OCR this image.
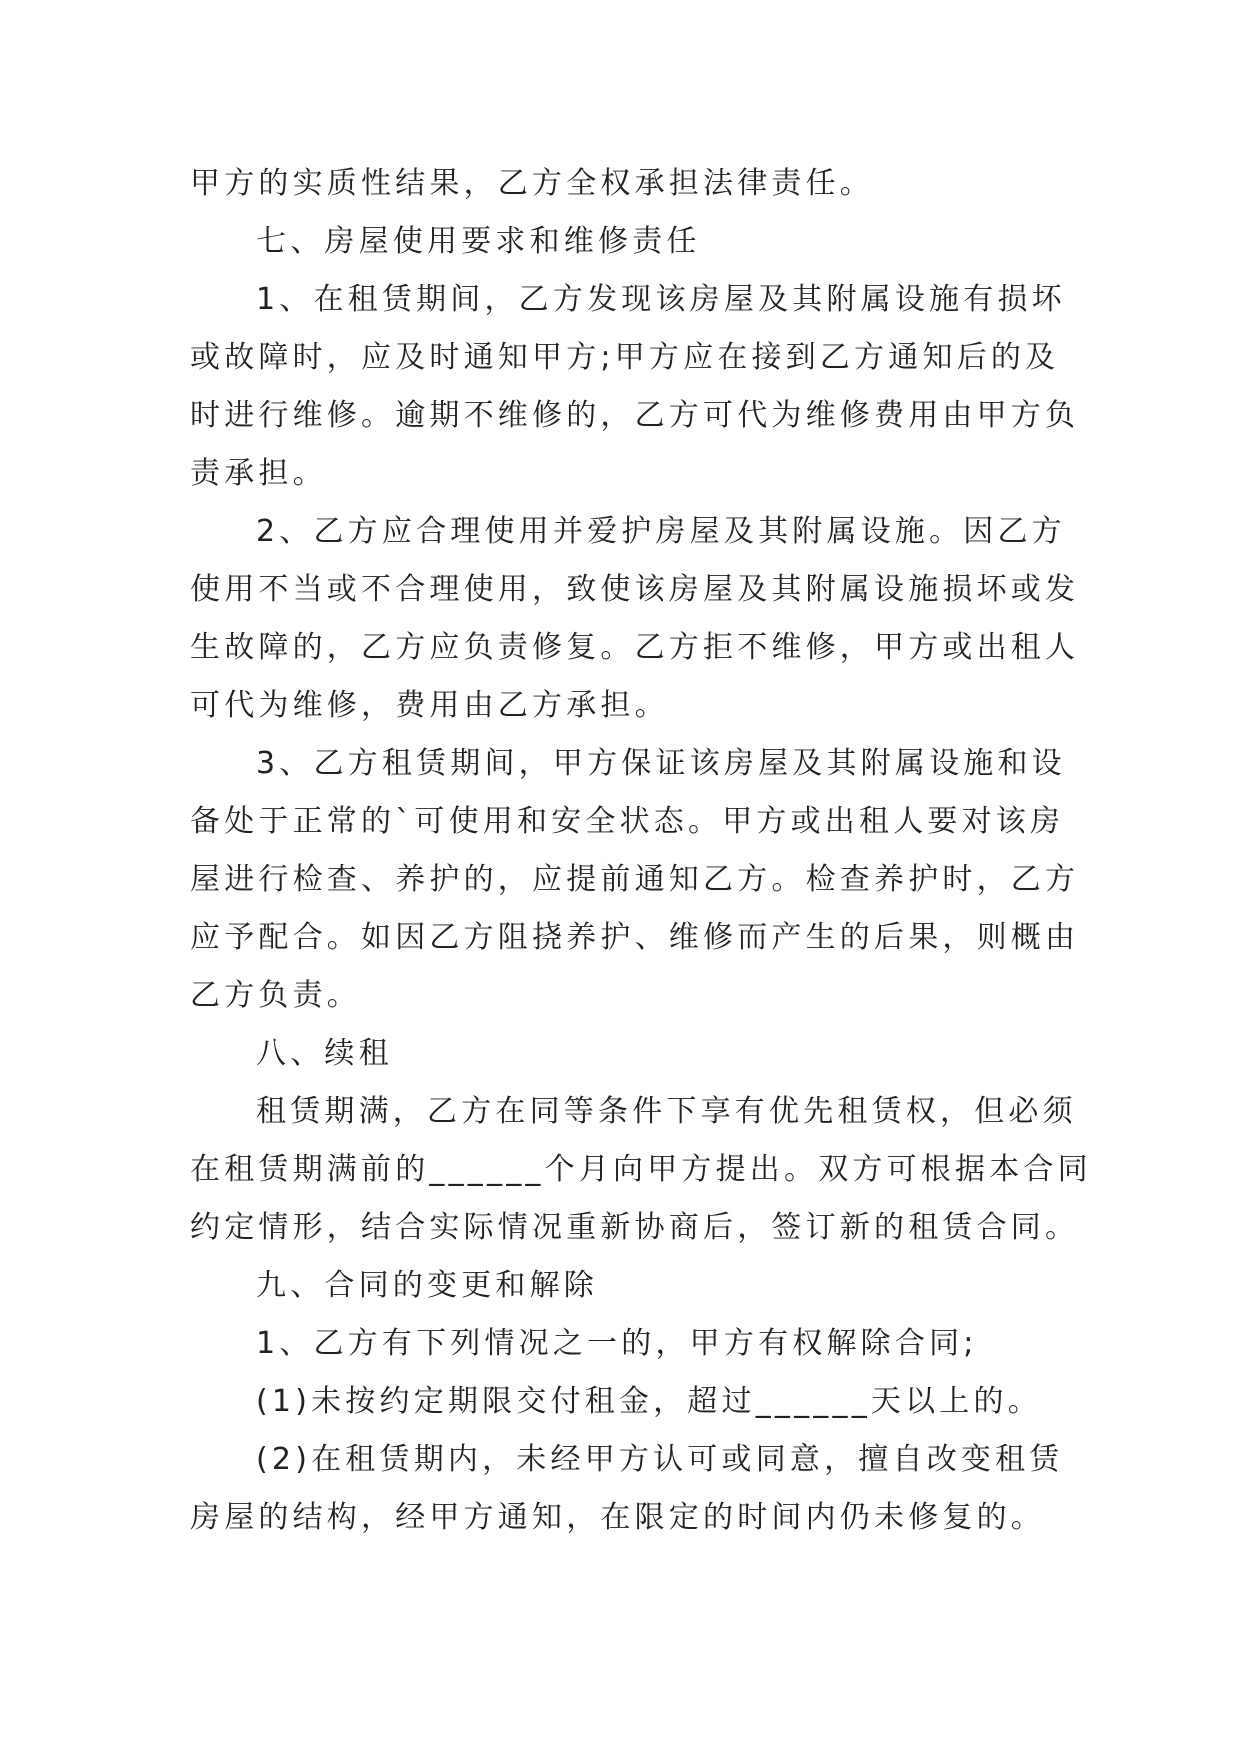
甲方的实质性结果，乙方全权承担法律责任。
七、房屋使用要求和维修责任
1、在租赁期间，乙方发现该房屋及其附属设施有损坏
或故障时，应及时通知甲方;甲方应在接到乙方通知后的及
时进行维修。逾期不维修的，乙方可代为维修费用由甲方负
责承担。
2、乙方应合理使用并爱护房屋及其附属设施。因乙方
使用不当或不合理使用，致使该房屋及其附属设施损坏或发
生故障的，乙方应负责修复。乙方拒不维修，甲方或出租人
可代为维修，费用由乙方承担。
3、乙方租赁期间，甲方保证该房屋及其附属设施和设
备处于正常的`可使用和安全状态。甲方或出租人要对该房
屋进行检查、养护的，应提前通知乙方。检查养护时，乙方
应予配合。如因乙方阻挠养护、维修而产生的后果，则概由
乙方负责。
八、续租
租赁期满，乙方在同等条件下享有优先租赁权，但必须
在租赁期满前的______个月向甲方提出。双方可根据本合同
约定情形，结合实际情况重新协商后，签订新的租赁合同。
九、合同的变更和解除
1、乙方有下列情况之一的，甲方有权解除合同;
(1)未按约定期限交付租金，超过______天以上的。
(2)在租赁期内，未经甲方认可或同意，擅自改变租赁
房屋的结构，经甲方通知，在限定的时间内仍未修复的。
